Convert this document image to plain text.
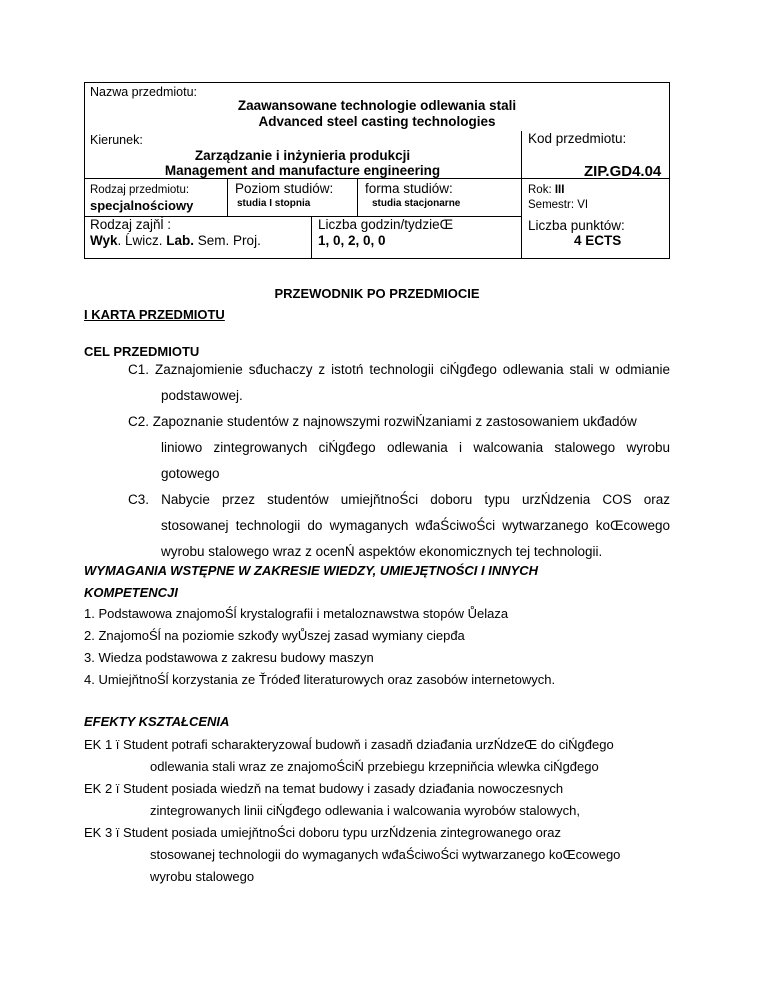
Nazwa przedmiotu:
Zaawansowane technologie odlewania stali
Advanced steel casting technologies
Kierunek:
Zarządzanie i inżynieria produkcji
Management and manufacture engineering
Kod przedmiotu:
ZIP.GD4.04
Rodzaj przedmiotu:
specjalnościowy
Poziom studiów:
studia I stopnia
forma studiów:
studia stacjonarne
Rok: III
Semestr: VI
Rodzaj zajňĺ :
Wyk. Ĺwicz. Lab. Sem. Proj.
Liczba godzin/tydzieŒ
1, 0, 2, 0, 0
Liczba punktów:
4 ECTS
PRZEWODNIK PO PRZEDMIOCIE
I KARTA PRZEDMIOTU
CEL PRZEDMIOTU
C1. Zaznajomienie sđuchaczy z istotń technologii ciŃgđego odlewania stali w odmianie
podstawowej.
C2. Zapoznanie studentów z najnowszymi rozwiŃzaniami z zastosowaniem ukđadów
liniowo zintegrowanych ciŃgđego odlewania i walcowania stalowego wyrobu
gotowego
C3. Nabycie przez studentów umiejňtnoŚci doboru typu urzŃdzenia COS oraz
stosowanej technologii do wymaganych wđaŚciwoŚci wytwarzanego koŒcowego
wyrobu stalowego wraz z ocenŃ aspektów ekonomicznych tej technologii.
WYMAGANIA WSTĘPNE W ZAKRESIE WIEDZY, UMIEJĘTNOŚCI I INNYCH
KOMPETENCJI
1. Podstawowa znajomoŚĺ krystalografii i metaloznawstwa stopów Ůelaza
2. ZnajomoŚĺ na poziomie szkođy wyŮszej zasad wymiany ciepđa
3. Wiedza podstawowa z zakresu budowy maszyn
4. UmiejňtnoŚĺ korzystania ze Ťródeđ literaturowych oraz zasobów internetowych.
EFEKTY KSZTAŁCENIA
EK 1 ï Student potrafi scharakteryzowaĺ budowň i zasadň dziađania urzŃdzeŒ do ciŃgđego
odlewania stali wraz ze znajomoŚciŃ przebiegu krzepniňcia wlewka ciŃgđego
EK 2 ï Student posiada wiedzň na temat budowy i zasady dziađania nowoczesnych
zintegrowanych linii ciŃgđego odlewania i walcowania wyrobów stalowych,
EK 3 ï Student posiada umiejňtnoŚci doboru typu urzŃdzenia zintegrowanego oraz
stosowanej technologii do wymaganych wđaŚciwoŚci wytwarzanego koŒcowego
wyrobu stalowego
